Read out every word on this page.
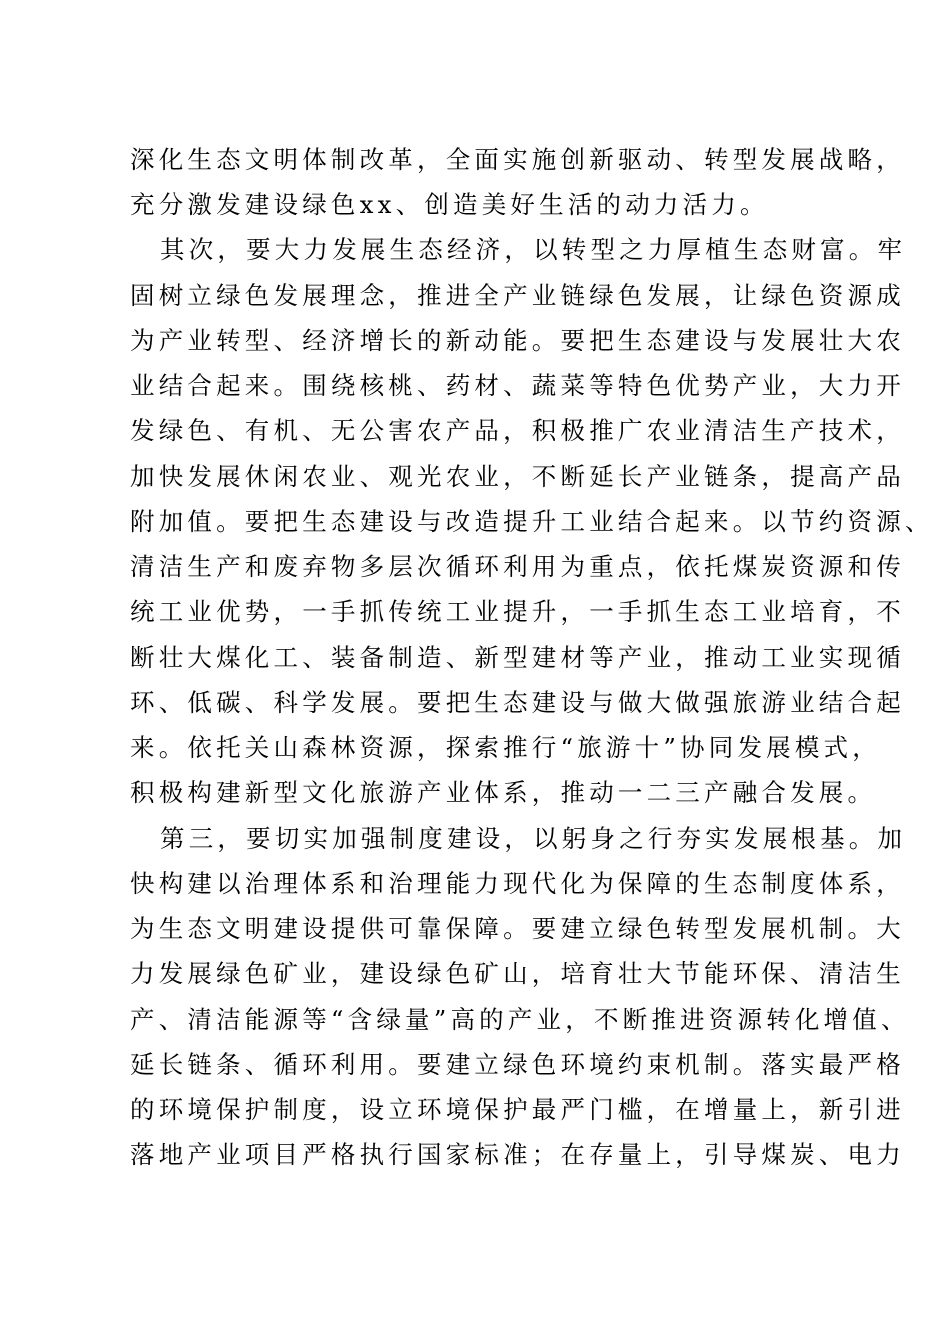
深化生态文明体制改革，全面实施创新驱动、转型发展战略，
充分激发建设绿色xx、创造美好生活的动力活力。
其次，要大力发展生态经济，以转型之力厚植生态财富。牢
固树立绿色发展理念，推进全产业链绿色发展，让绿色资源成
为产业转型、经济增长的新动能。要把生态建设与发展壮大农
业结合起来。围绕核桃、药材、蔬菜等特色优势产业，大力开
发绿色、有机、无公害农产品，积极推广农业清洁生产技术，
加快发展休闲农业、观光农业，不断延长产业链条，提高产品
附加值。要把生态建设与改造提升工业结合起来。以节约资源、
清洁生产和废弃物多层次循环利用为重点，依托煤炭资源和传
统工业优势，一手抓传统工业提升，一手抓生态工业培育，不
断壮大煤化工、装备制造、新型建材等产业，推动工业实现循
环、低碳、科学发展。要把生态建设与做大做强旅游业结合起
来。依托关山森林资源，探索推行“旅游十”协同发展模式，
积极构建新型文化旅游产业体系，推动一二三产融合发展。
第三，要切实加强制度建设，以躬身之行夯实发展根基。加
快构建以治理体系和治理能力现代化为保障的生态制度体系，
为生态文明建设提供可靠保障。要建立绿色转型发展机制。大
力发展绿色矿业，建设绿色矿山，培育壮大节能环保、清洁生
产、清洁能源等“含绿量”高的产业，不断推进资源转化增值、
延长链条、循环利用。要建立绿色环境约束机制。落实最严格
的环境保护制度，设立环境保护最严门槛，在增量上，新引进
落地产业项目严格执行国家标准；在存量上，引导煤炭、电力
